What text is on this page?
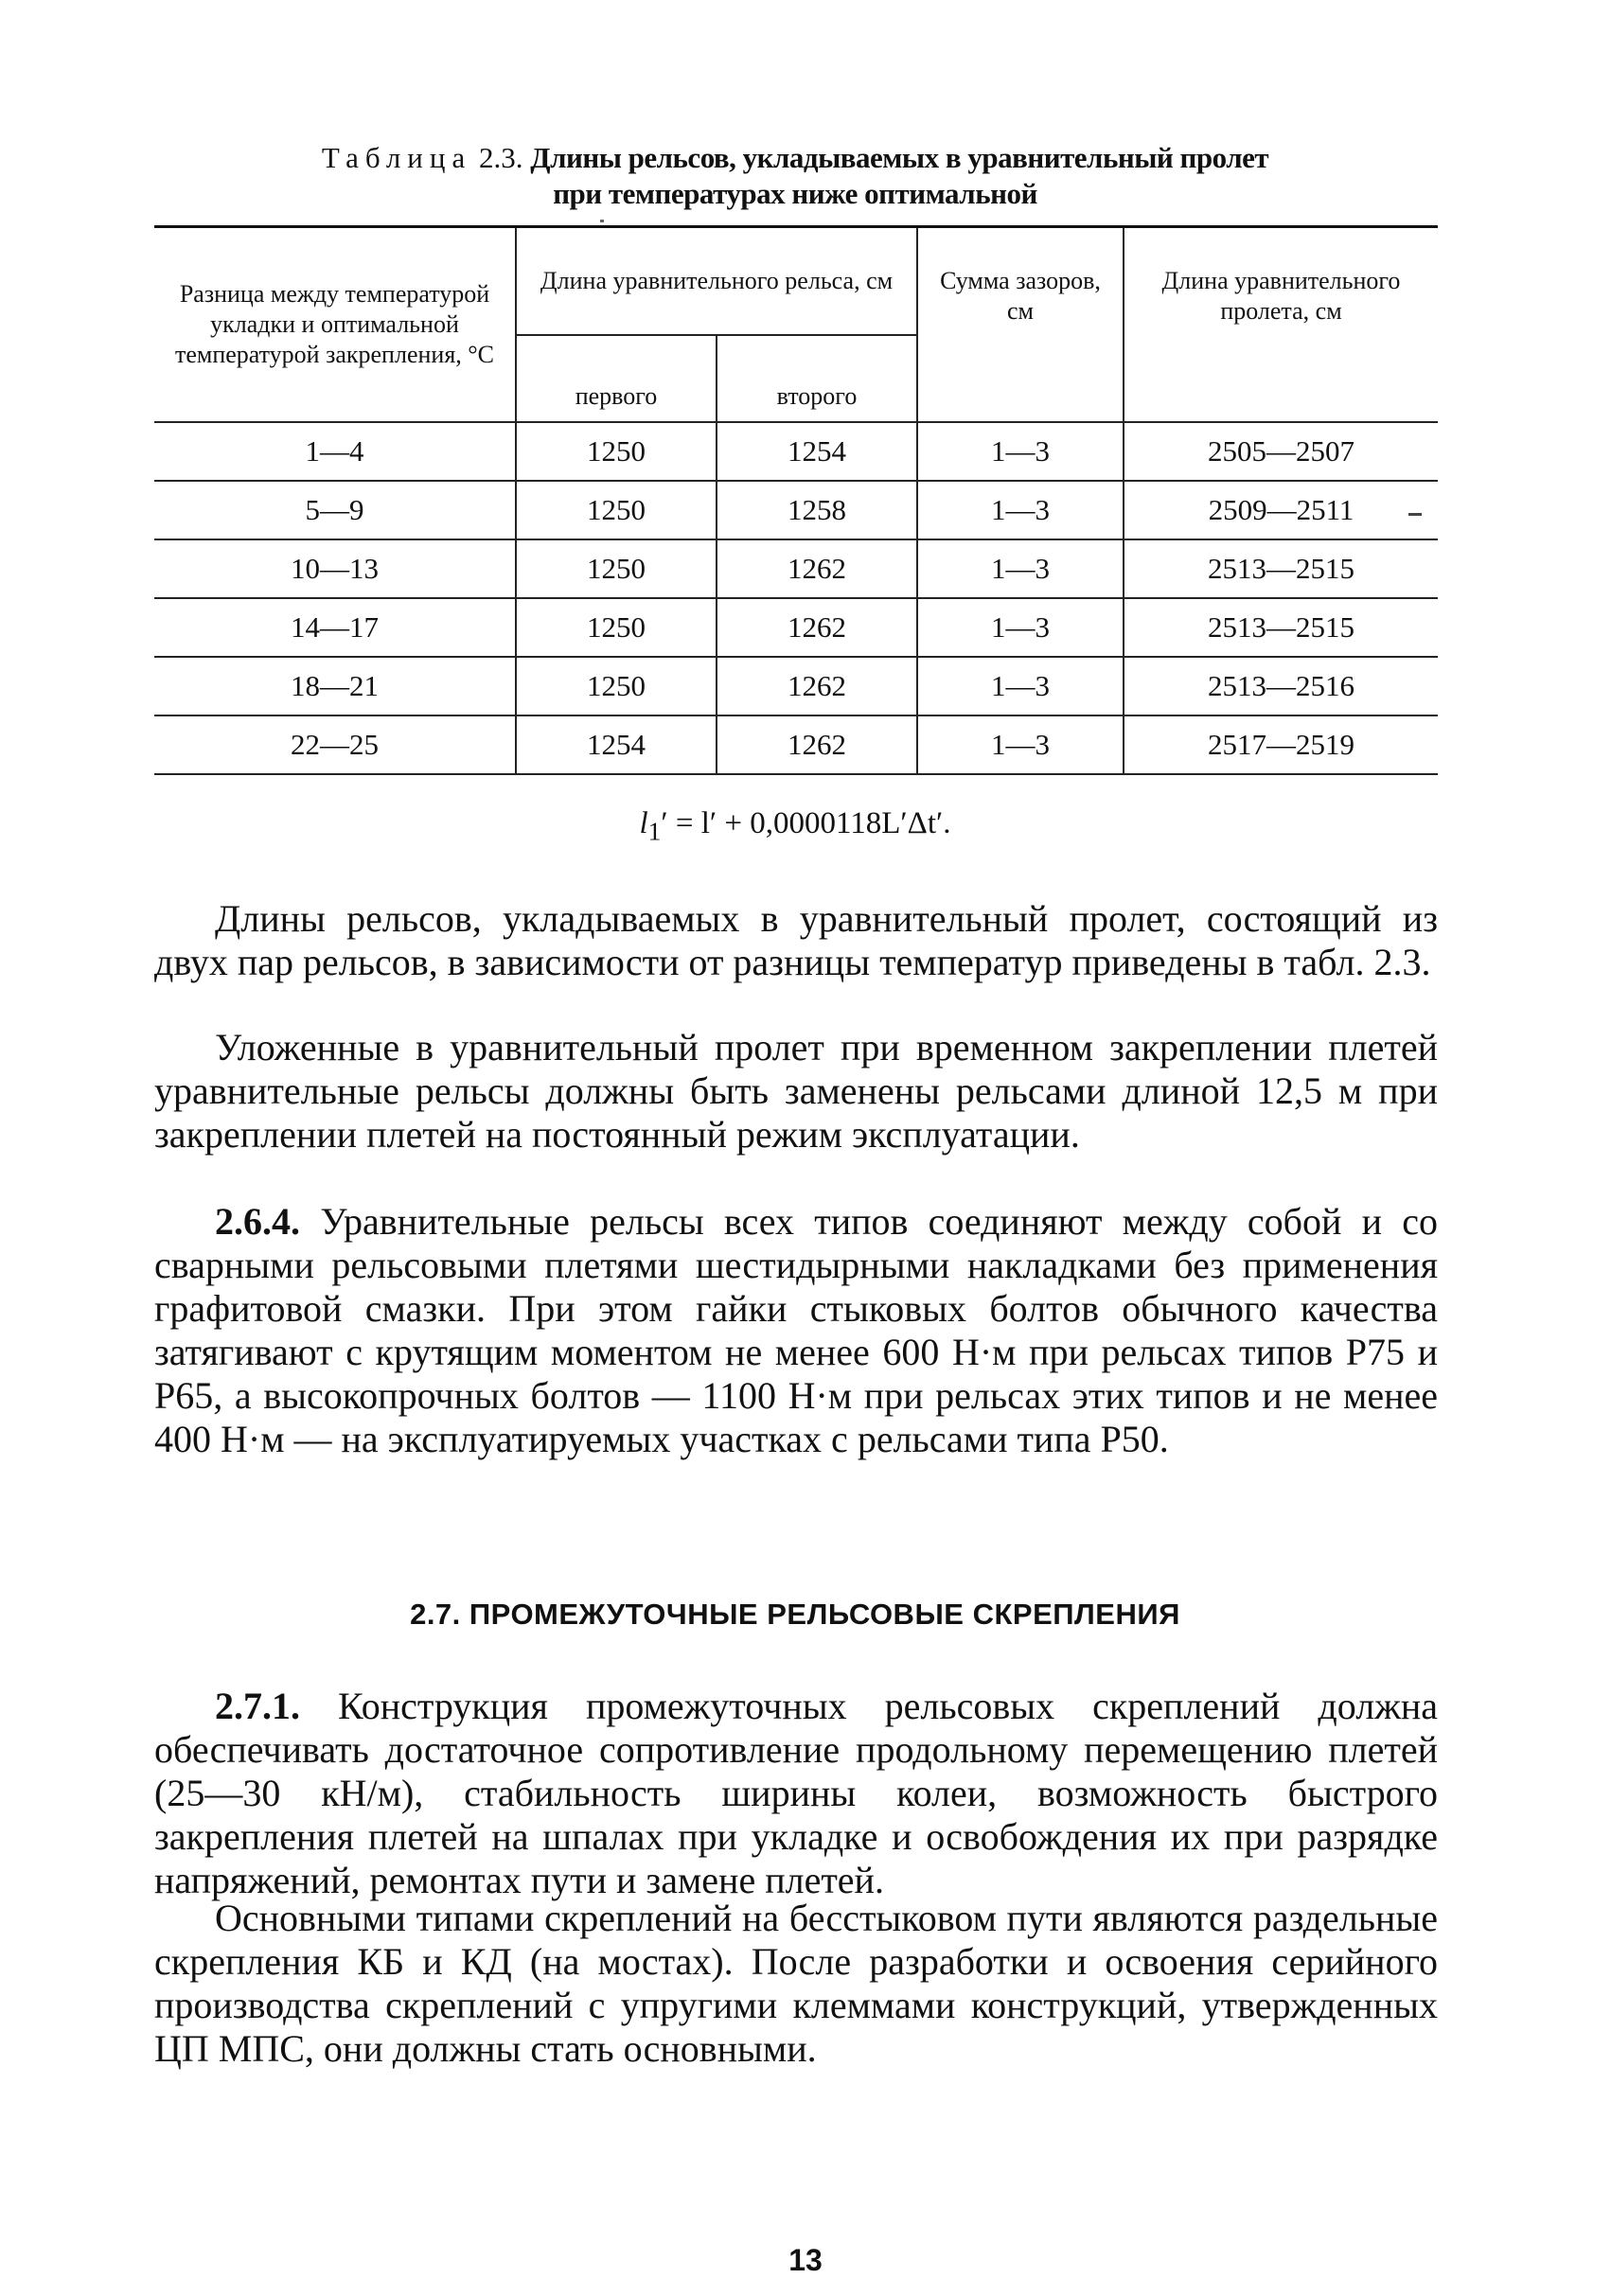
Таблица 2.3. Длины рельсов, укладываемых в уравнительный пролет
при температурах ниже оптимальной
Разница между температурой укладки и оптимальной температурой закрепления, °С	Длина уравнительного рельса, см		Сумма зазоров, см	Длина уравнительного пролета, см
	первого	второго		
1—4	1250	1254	1—3	2505—2507
5—9	1250	1258	1—3	2509—2511
10—13	1250	1262	1—3	2513—2515
14—17	1250	1262	1—3	2513—2515
18—21	1250	1262	1—3	2513—2516
22—25	1254	1262	1—3	2517—2519
$l_1' = l' + 0,0000118L'\Delta t'$.

Длины рельсов, укладываемых в уравнительный пролет, состоящий из двух пар рельсов, в зависимости от разницы температур приведены в табл. 2.3.

Уложенные в уравнительный пролет при временном закреплении плетей уравнительные рельсы должны быть заменены рельсами длиной 12,5 м при закреплении плетей на постоянный режим эксплуатации.

2.6.4. Уравнительные рельсы всех типов соединяют между собой и со сварными рельсовыми плетями шестидырными накладками без применения графитовой смазки. При этом гайки стыковых болтов обычного качества затягивают с крутящим моментом не менее 600 Н·м при рельсах типов Р75 и Р65, а высокопрочных болтов — 1100 Н·м при рельсах этих типов и не менее 400 Н·м — на эксплуатируемых участках с рельсами типа Р50.

2.7. ПРОМЕЖУТОЧНЫЕ РЕЛЬСОВЫЕ СКРЕПЛЕНИЯ

2.7.1. Конструкция промежуточных рельсовых скреплений должна обеспечивать достаточное сопротивление продольному перемещению плетей (25—30 кН/м), стабильность ширины колеи, возможность быстрого закрепления плетей на шпалах при укладке и освобождения их при разрядке напряжений, ремонтах пути и замене плетей.

Основными типами скреплений на бесстыковом пути являются раздельные скрепления КБ и КД (на мостах). После разработки и освоения серийного производства скреплений с упругими клеммами конструкций, утвержденных ЦП МПС, они должны стать основными.

13
